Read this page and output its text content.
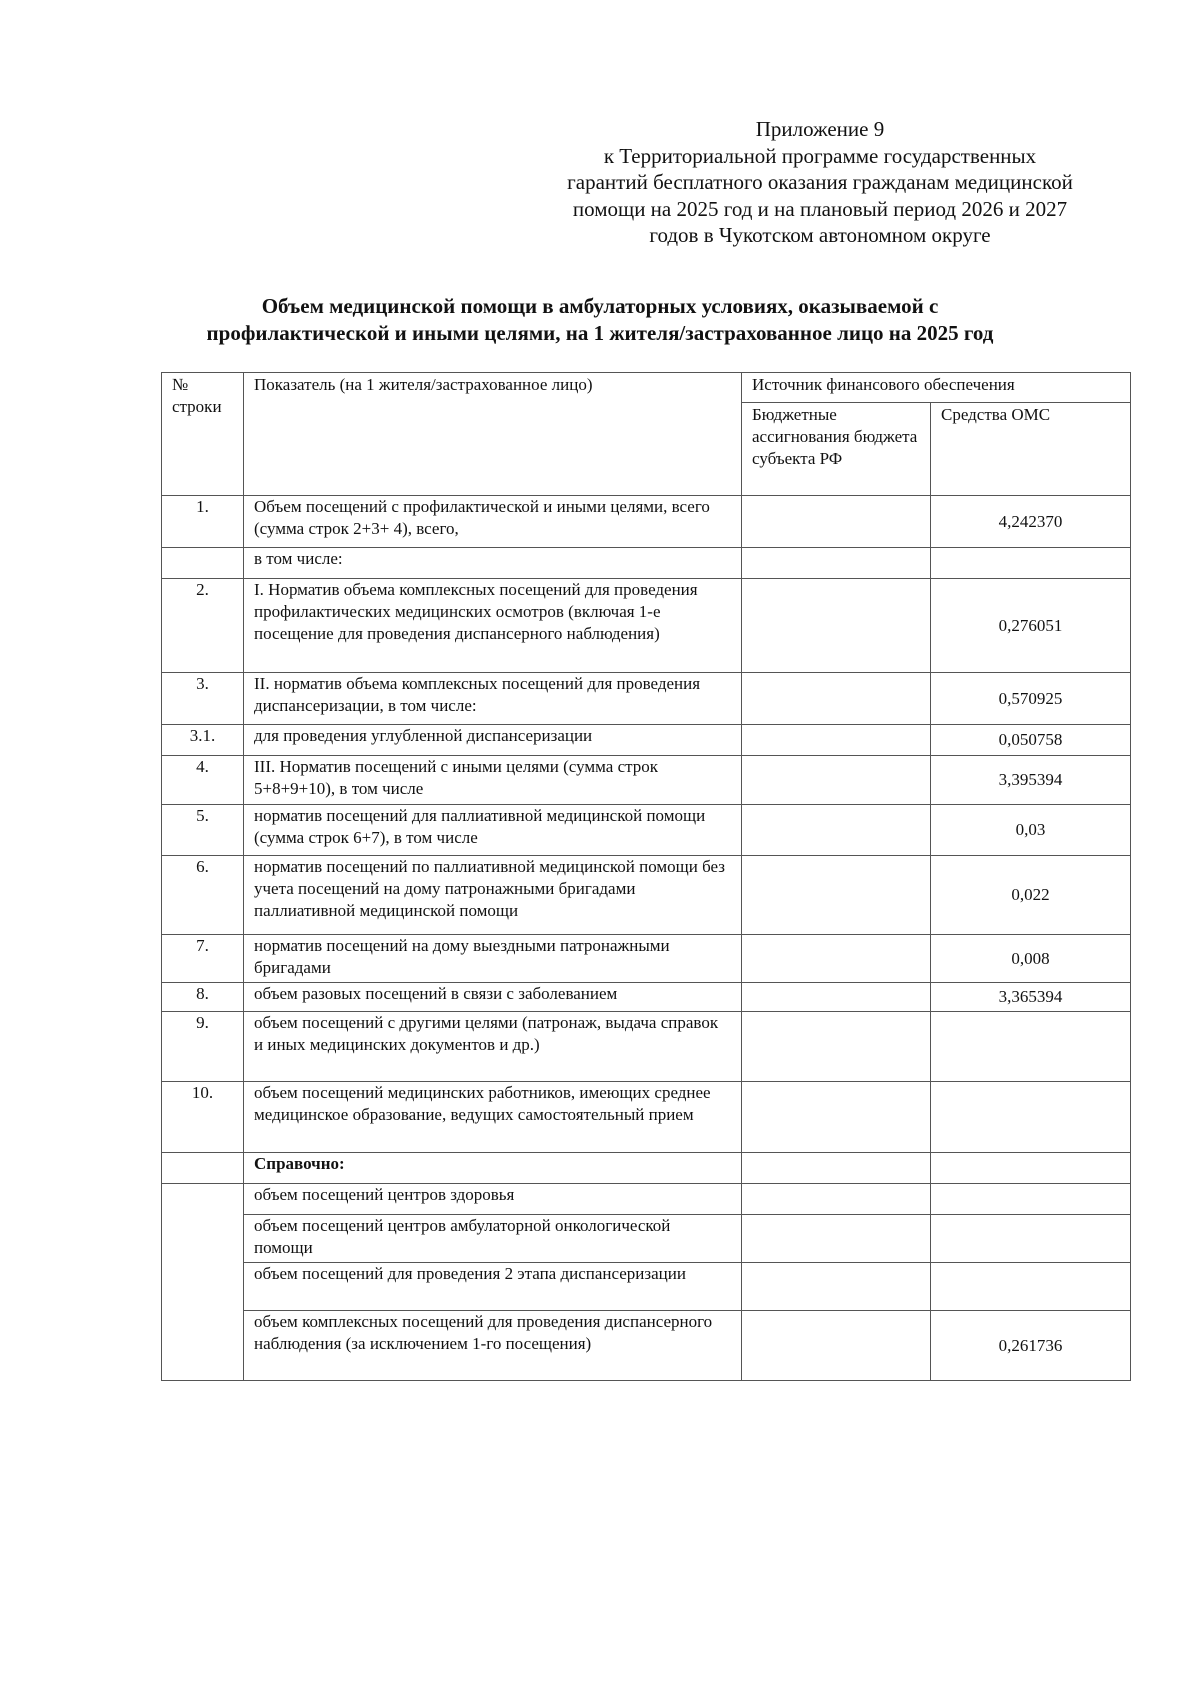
Приложение 9
к Территориальной программе государственных
гарантий бесплатного оказания гражданам медицинской
помощи на 2025 год и на плановый период 2026 и 2027
годов в Чукотском автономном округе
Объем медицинской помощи в амбулаторных условиях, оказываемой с
профилактической и иными целями, на 1 жителя/застрахованное лицо на 2025 год
№ строки	Показатель (на 1 жителя/застрахованное лицо)	Источник финансового обеспечения	
		Бюджетные ассигнования бюджета субъекта РФ	Средства ОМС
1.	Объем посещений с профилактической и иными целями, всего (сумма строк 2+3+ 4), всего,		4,242370
	в том числе:		
2.	I. Норматив объема комплексных посещений для проведения профилактических медицинских осмотров (включая 1-е посещение для проведения диспансерного наблюдения)		0,276051
3.	II. норматив объема комплексных посещений для проведения диспансеризации, в том числе:		0,570925
3.1.	для проведения углубленной диспансеризации		0,050758
4.	III. Норматив посещений с иными целями (сумма строк 5+8+9+10), в том числе		3,395394
5.	норматив посещений для паллиативной медицинской помощи (сумма строк 6+7), в том числе		0,03
6.	норматив посещений по паллиативной медицинской помощи без учета посещений на дому патронажными бригадами паллиативной медицинской помощи		0,022
7.	норматив посещений на дому выездными патронажными бригадами		0,008
8.	объем разовых посещений в связи с заболеванием		3,365394
9.	объем посещений с другими целями (патронаж, выдача справок и иных медицинских документов и др.)		
10.	объем посещений медицинских работников, имеющих среднее медицинское образование, ведущих самостоятельный прием		
	Справочно:		
	объем посещений центров здоровья		
	объем посещений центров амбулаторной онкологической помощи		
	объем посещений для проведения 2 этапа диспансеризации		
	объем комплексных посещений для проведения диспансерного наблюдения (за исключением 1-го посещения)		0,261736
